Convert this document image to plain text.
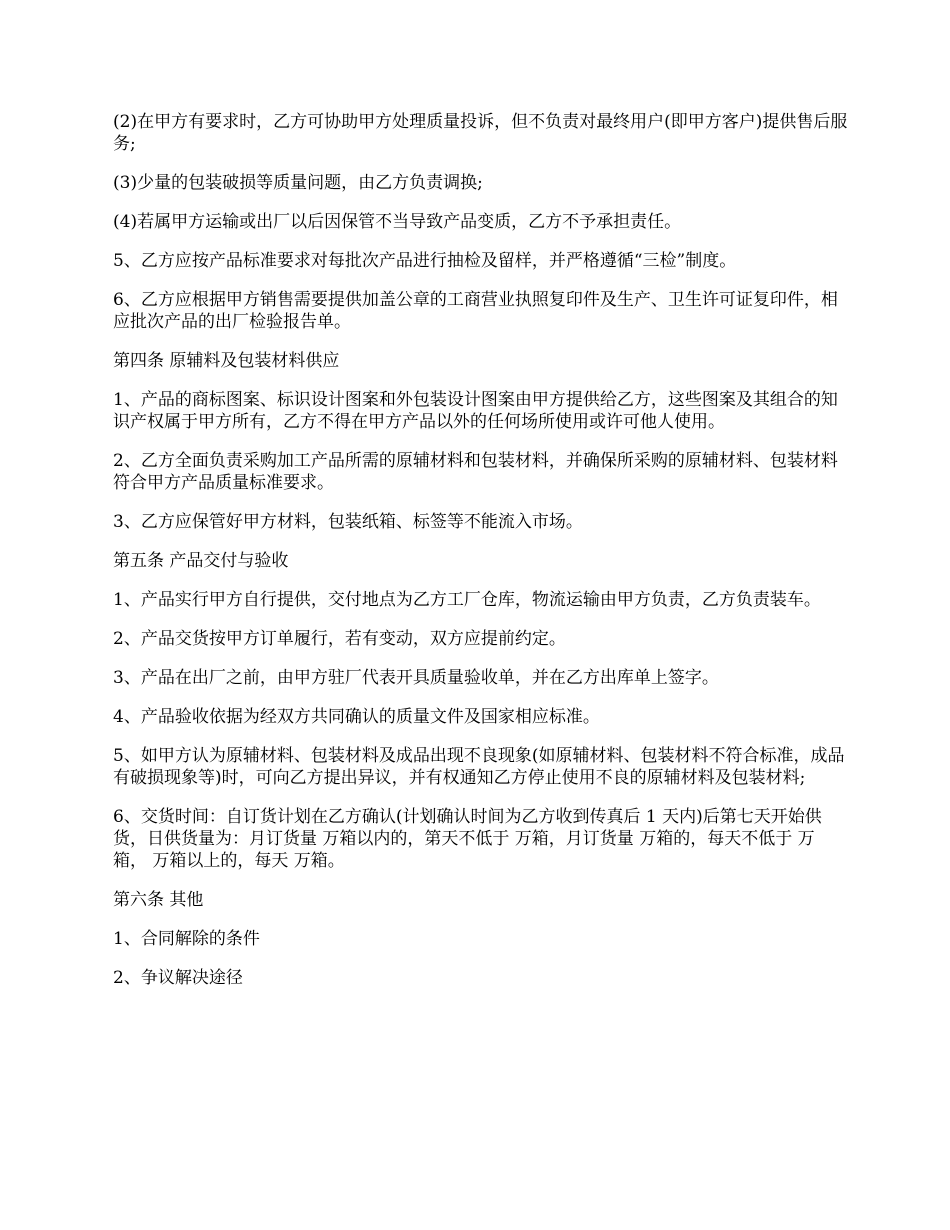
(2)在甲方有要求时，乙方可协助甲方处理质量投诉，但不负责对最终用户(即甲方客户)提供售后服务;

(3)少量的包装破损等质量问题，由乙方负责调换;

(4)若属甲方运输或出厂以后因保管不当导致产品变质，乙方不予承担责任。

5、乙方应按产品标准要求对每批次产品进行抽检及留样，并严格遵循“三检”制度。

6、乙方应根据甲方销售需要提供加盖公章的工商营业执照复印件及生产、卫生许可证复印件，相应批次产品的出厂检验报告单。

第四条 原辅料及包装材料供应

1、产品的商标图案、标识设计图案和外包装设计图案由甲方提供给乙方，这些图案及其组合的知识产权属于甲方所有，乙方不得在甲方产品以外的任何场所使用或许可他人使用。

2、乙方全面负责采购加工产品所需的原辅材料和包装材料，并确保所采购的原辅材料、包装材料符合甲方产品质量标准要求。

3、乙方应保管好甲方材料，包装纸箱、标签等不能流入市场。

第五条 产品交付与验收

1、产品实行甲方自行提供，交付地点为乙方工厂仓库，物流运输由甲方负责，乙方负责装车。

2、产品交货按甲方订单履行，若有变动，双方应提前约定。

3、产品在出厂之前，由甲方驻厂代表开具质量验收单，并在乙方出库单上签字。

4、产品验收依据为经双方共同确认的质量文件及国家相应标准。

5、如甲方认为原辅材料、包装材料及成品出现不良现象(如原辅材料、包装材料不符合标准，成品有破损现象等)时，可向乙方提出异议，并有权通知乙方停止使用不良的原辅材料及包装材料;

6、交货时间：自订货计划在乙方确认(计划确认时间为乙方收到传真后 1 天内)后第七天开始供货，日供货量为：月订货量 万箱以内的，第天不低于 万箱，月订货量 万箱的，每天不低于 万箱， 万箱以上的，每天 万箱。

第六条 其他

1、合同解除的条件

2、争议解决途径
